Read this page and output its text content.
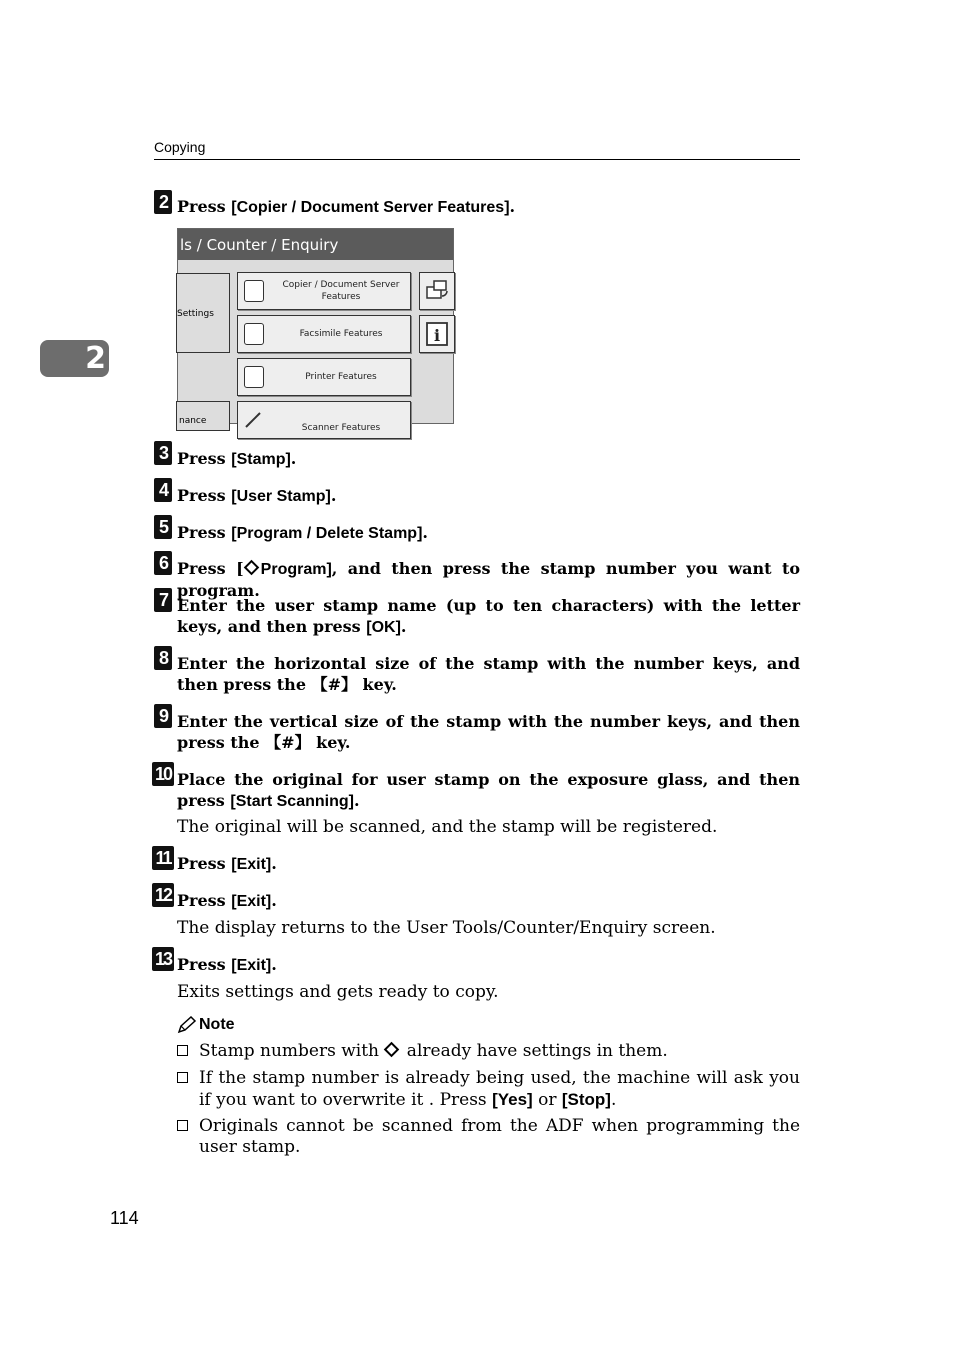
Copying
2
2 Press [Copier / Document Server Features].
ls / Counter / Enquiry
Settings
nance
Copier / Document Server Features
Facsimile Features
Printer Features
Scanner Features
i
3 Press [Stamp].
4 Press [User Stamp].
5 Press [Program / Delete Stamp].
6 Press [ Program], and then press the stamp number you want to program.
7 Enter the user stamp name (up to ten characters) with the letter keys, and then press [OK].
8 Enter the horizontal size of the stamp with the number keys, and then press the 【#】 key.
9 Enter the vertical size of the stamp with the number keys, and then press the 【#】 key.
10 Place the original for user stamp on the exposure glass, and then press [Start Scanning].
The original will be scanned, and the stamp will be registered.
11 Press [Exit].
12 Press [Exit].
The display returns to the User Tools/Counter/Enquiry screen.
13 Press [Exit].
Exits settings and gets ready to copy.
Note
Stamp numbers with  already have settings in them.
If the stamp number is already being used, the machine will ask you if you want to overwrite it . Press [Yes] or [Stop].
Originals cannot be scanned from the ADF when programming the user stamp.
114
